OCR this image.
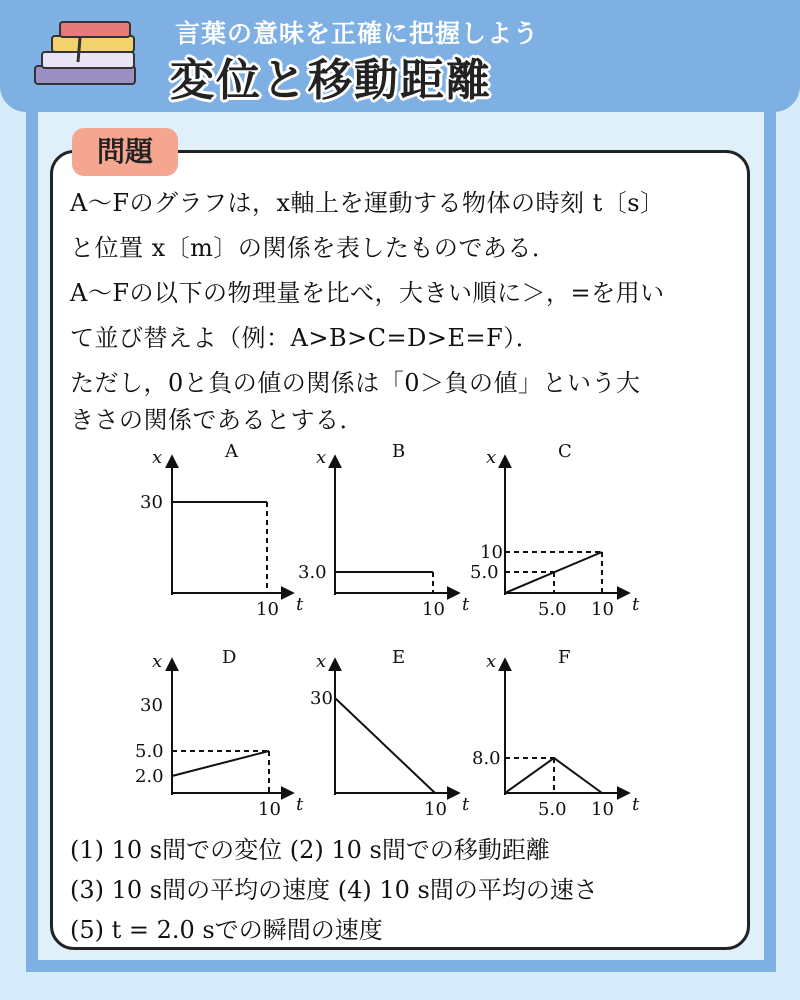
言葉の意味を正確に把握しよう
変位と移動距離
問題
A～Fのグラフは，x軸上を運動する物体の時刻 t〔s〕
と位置 x〔m〕の関係を表したものである．
A～Fの以下の物理量を比べ，大きい順に＞，=を用い
て並び替えよ（例：A>B>C=D>E=F）．
ただし，0と負の値の関係は「0＞負の値」という大
きさの関係であるとする．
A	B	C
D	E	F
x
t
x
t
x
t
x
t
x
t
x
t
30
10
3.0
10
10
5.0
5.0 10
30
5.0
2.0
10
30
10
8.0
5.0 10
(1) 10 s間での変位 (2) 10 s間での移動距離
(3) 10 s間の平均の速度 (4) 10 s間の平均の速さ
(5) t = 2.0 sでの瞬間の速度
